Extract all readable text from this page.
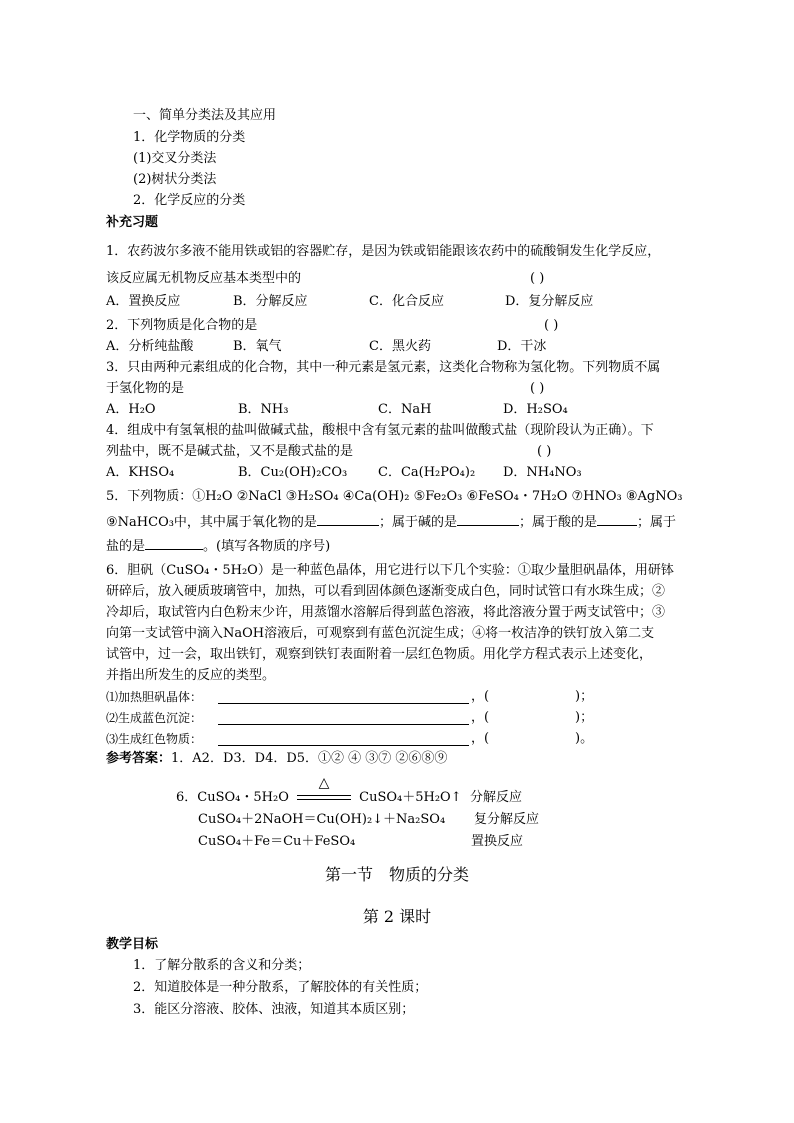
一、简单分类法及其应用
1．化学物质的分类
(1)交叉分类法
(2)树状分类法
2．化学反应的分类
补充习题
1．农药波尔多液不能用铁或铝的容器贮存，是因为铁或铝能跟该农药中的硫酸铜发生化学反应，
该反应属无机物反应基本类型中的	( )
A．置换反应	B．分解反应	C．化合反应	D．复分解反应
2．下列物质是化合物的是	( )
A．分析纯盐酸	B．氧气	C．黑火药	D．干冰
3．只由两种元素组成的化合物，其中一种元素是氢元素，这类化合物称为氢化物。下列物质不属
于氢化物的是	( )
A．H₂O	B．NH₃	C．NaH	D．H₂SO₄
4．组成中有氢氧根的盐叫做碱式盐，酸根中含有氢元素的盐叫做酸式盐（现阶段认为正确）。下
列盐中，既不是碱式盐，又不是酸式盐的是	( )
A．KHSO₄	B．Cu₂(OH)₂CO₃ C．Ca(H₂PO₄)₂ D．NH₄NO₃
5．下列物质：①H₂O ②NaCl ③H₂SO₄ ④Ca(OH)₂ ⑤Fe₂O₃ ⑥FeSO₄・7H₂O ⑦HNO₃ ⑧AgNO₃
⑨NaHCO₃中，其中属于氧化物的是	；属于碱的是	；属于酸的是	；属于
盐的是	。(填写各物质的序号)
6．胆矾（CuSO₄・5H₂O）是一种蓝色晶体，用它进行以下几个实验：①取少量胆矾晶体，用研钵
研碎后，放入硬质玻璃管中，加热，可以看到固体颜色逐渐变成白色，同时试管口有水珠生成；②
冷却后，取试管内白色粉末少许，用蒸馏水溶解后得到蓝色溶液，将此溶液分置于两支试管中；③
向第一支试管中滴入NaOH溶液后，可观察到有蓝色沉淀生成；④将一枚洁净的铁钉放入第二支
试管中，过一会，取出铁钉，观察到铁钉表面附着一层红色物质。用化学方程式表示上述变化，
并指出所发生的反应的类型。
⑴加热胆矾晶体：	，(	)；
⑵生成蓝色沉淀：	，(	)；
⑶生成红色物质：	，(	)。
参考答案：1．A2．D3．D4．D5．①② ④ ③⑦ ②⑥⑧⑨
6．CuSO₄・5H₂O
△
CuSO₄＋5H₂O↑ 分解反应
CuSO₄＋2NaOH＝Cu(OH)₂↓＋Na₂SO₄ 复分解反应
CuSO₄＋Fe＝Cu＋FeSO₄	置换反应
第一节　物质的分类
第 2 课时
教学目标
1．了解分散系的含义和分类；
2．知道胶体是一种分散系，了解胶体的有关性质；
3．能区分溶液、胶体、浊液，知道其本质区别；
